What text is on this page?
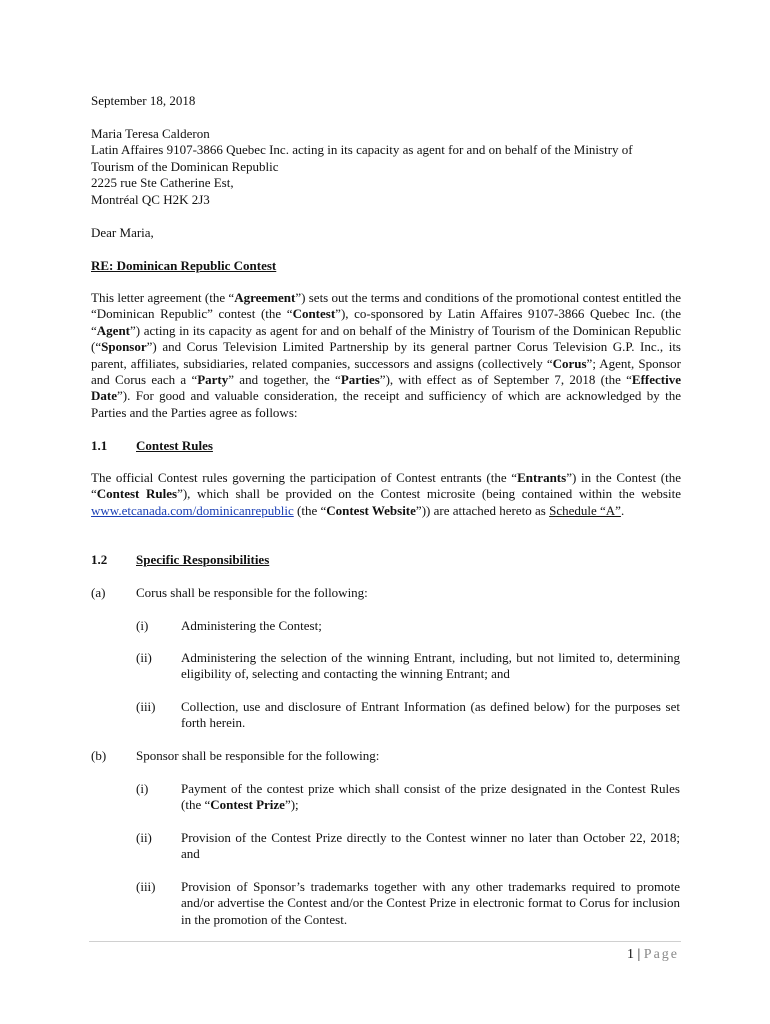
September 18, 2018
Maria Teresa Calderon
Latin Affaires 9107-3866 Quebec Inc. acting in its capacity as agent for and on behalf of the Ministry of
Tourism of the Dominican Republic
2225 rue Ste Catherine Est,
Montréal QC H2K 2J3
Dear Maria,
RE: Dominican Republic Contest
This letter agreement (the “Agreement”) sets out the terms and conditions of the promotional contest entitled the “Dominican Republic” contest (the “Contest”), co-sponsored by Latin Affaires 9107-3866 Quebec Inc. (the “Agent”) acting in its capacity as agent for and on behalf of the Ministry of Tourism of the Dominican Republic (“Sponsor”) and Corus Television Limited Partnership by its general partner Corus Television G.P. Inc., its parent, affiliates, subsidiaries, related companies, successors and assigns (collectively “Corus”; Agent, Sponsor and Corus each a “Party” and together, the “Parties”), with effect as of September 7, 2018 (the “Effective Date”). For good and valuable consideration, the receipt and sufficiency of which are acknowledged by the Parties and the Parties agree as follows:
1.1 Contest Rules
The official Contest rules governing the participation of Contest entrants (the “Entrants”) in the Contest (the “Contest Rules”), which shall be provided on the Contest microsite (being contained within the website www.etcanada.com/dominicanrepublic (the “Contest Website”)) are attached hereto as Schedule “A”.
1.2 Specific Responsibilities
(a) Corus shall be responsible for the following:
(i)	Administering the Contest;
(ii) Administering the selection of the winning Entrant, including, but not limited to, determining eligibility of, selecting and contacting the winning Entrant; and
(iii) Collection, use and disclosure of Entrant Information (as defined below) for the purposes set forth herein.
(b) Sponsor shall be responsible for the following:
(i)	Payment of the contest prize which shall consist of the prize designated in the Contest Rules (the “Contest Prize”);
(ii) Provision of the Contest Prize directly to the Contest winner no later than October 22, 2018; and
(iii) Provision of Sponsor’s trademarks together with any other trademarks required to promote and/or advertise the Contest and/or the Contest Prize in electronic format to Corus for inclusion in the promotion of the Contest.
1 | Page
